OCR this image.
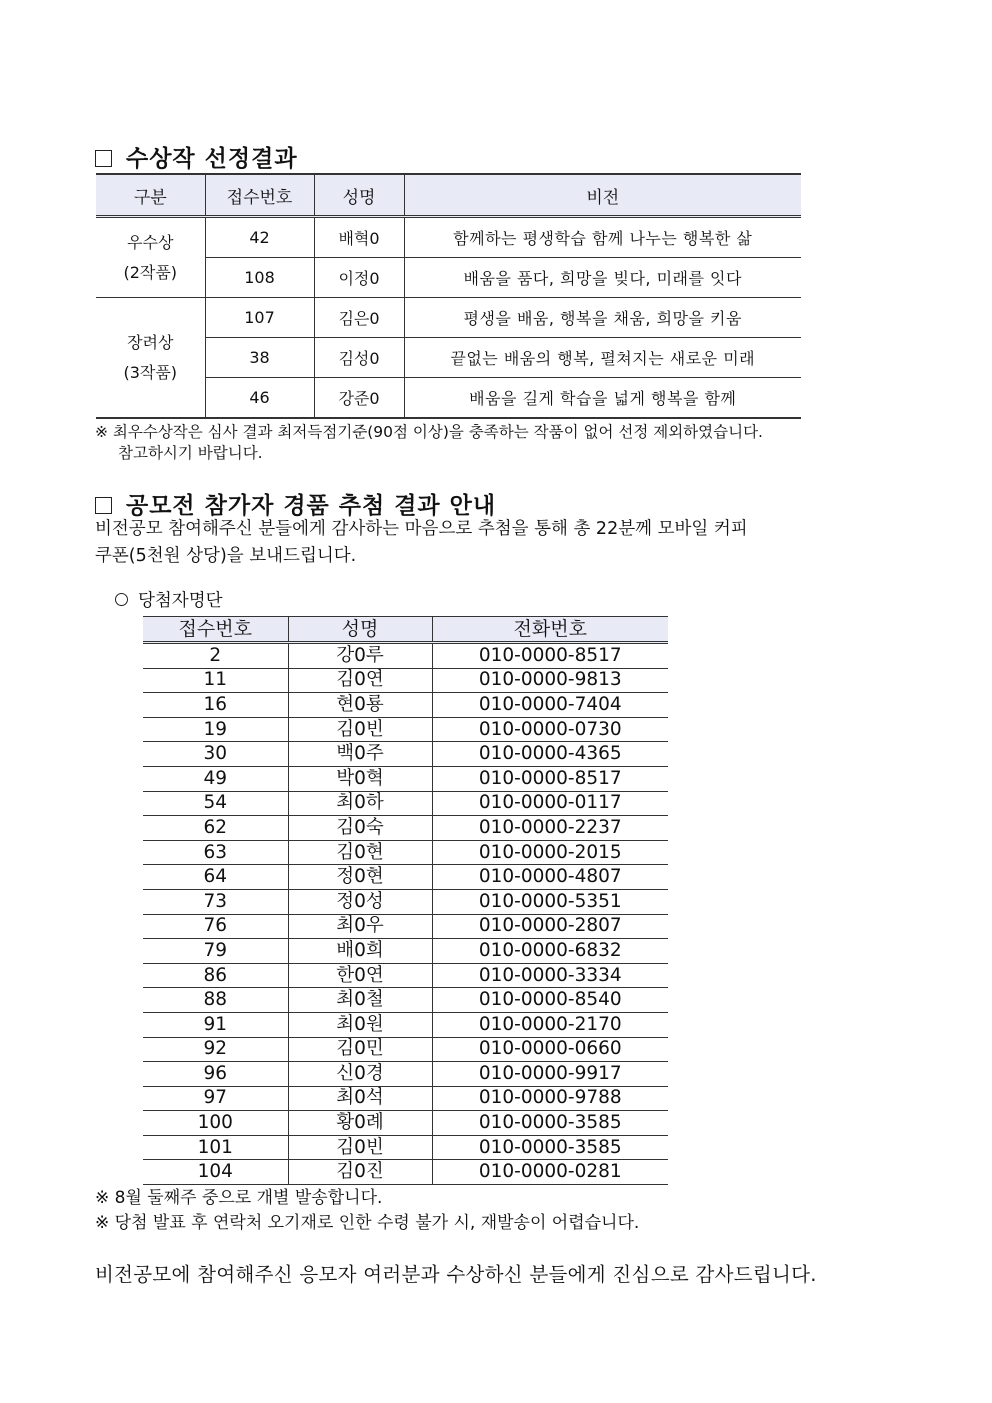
수상작 선정결과
구분	접수번호	성명	비전
우수상
(2작품)	42	배혁0	함께하는 평생학습 함께 나누는 행복한 삶
	108	이정0	배움을 품다, 희망을 빚다, 미래를 잇다
장려상
(3작품)	107	김은0	평생을 배움, 행복을 채움, 희망을 키움
	38	김성0	끝없는 배움의 행복, 펼쳐지는 새로운 미래
	46	강준0	배움을 길게 학습을 넓게 행복을 함께
※ 최우수상작은 심사 결과 최저득점기준(90점 이상)을 충족하는 작품이 없어 선정 제외하였습니다.
참고하시기 바랍니다.
공모전 참가자 경품 추첨 결과 안내
비전공모 참여해주신 분들에게 감사하는 마음으로 추첨을 통해 총 22분께 모바일 커피
쿠폰(5천원 상당)을 보내드립니다.
당첨자명단
접수번호	성명	전화번호
2	강0루	010-0000-8517
11	김0연	010-0000-9813
16	현0룡	010-0000-7404
19	김0빈	010-0000-0730
30	백0주	010-0000-4365
49	박0혁	010-0000-8517
54	최0하	010-0000-0117
62	김0숙	010-0000-2237
63	김0현	010-0000-2015
64	정0현	010-0000-4807
73	정0성	010-0000-5351
76	최0우	010-0000-2807
79	배0희	010-0000-6832
86	한0연	010-0000-3334
88	최0철	010-0000-8540
91	최0원	010-0000-2170
92	김0민	010-0000-0660
96	신0경	010-0000-9917
97	최0석	010-0000-9788
100	황0례	010-0000-3585
101	김0빈	010-0000-3585
104	김0진	010-0000-0281
※ 8월 둘째주 중으로 개별 발송합니다.
※ 당첨 발표 후 연락처 오기재로 인한 수령 불가 시, 재발송이 어렵습니다.
비전공모에 참여해주신 응모자 여러분과 수상하신 분들에게 진심으로 감사드립니다.
